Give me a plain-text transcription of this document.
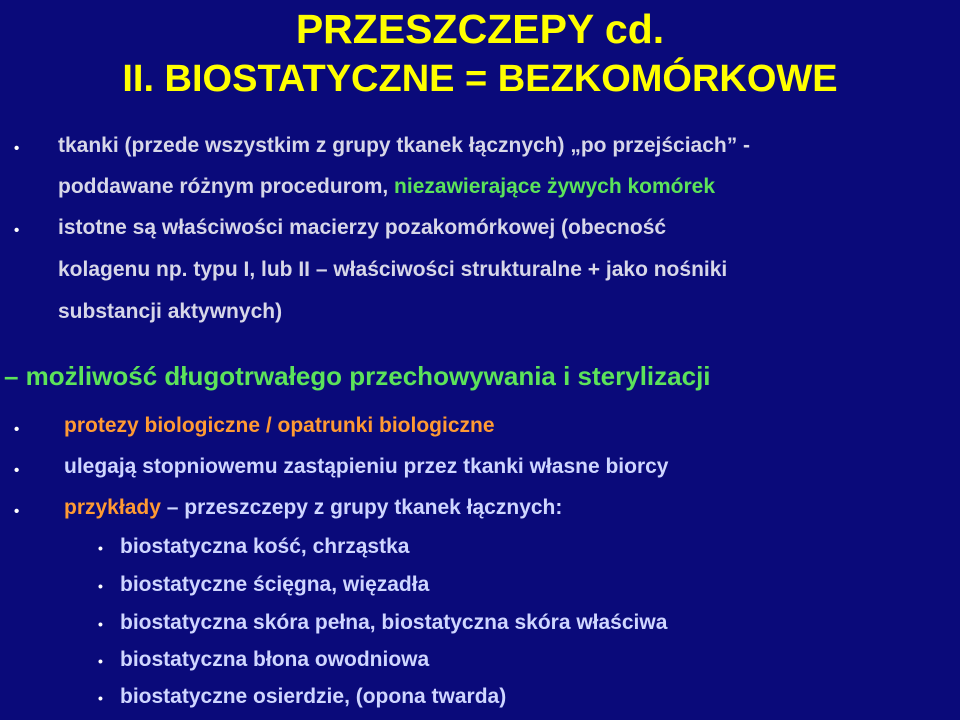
PRZESZCZEPY cd.
II. BIOSTATYCZNE = BEZKOMÓRKOWE
• tkanki (przede wszystkim z grupy tkanek łącznych) „po przejściach” -
poddawane różnym procedurom, niezawierające żywych komórek
• istotne są właściwości macierzy pozakomórkowej (obecność
kolagenu np. typu I, lub II – właściwości strukturalne + jako nośniki
substancji aktywnych)
– możliwość długotrwałego przechowywania i sterylizacji
• protezy biologiczne / opatrunki biologiczne
• ulegają stopniowemu zastąpieniu przez tkanki własne biorcy
• przykłady – przeszczepy z grupy tkanek łącznych:
• biostatyczna kość, chrząstka
• biostatyczne ścięgna, więzadła
• biostatyczna skóra pełna, biostatyczna skóra właściwa
• biostatyczna błona owodniowa
• biostatyczne osierdzie, (opona twarda)
